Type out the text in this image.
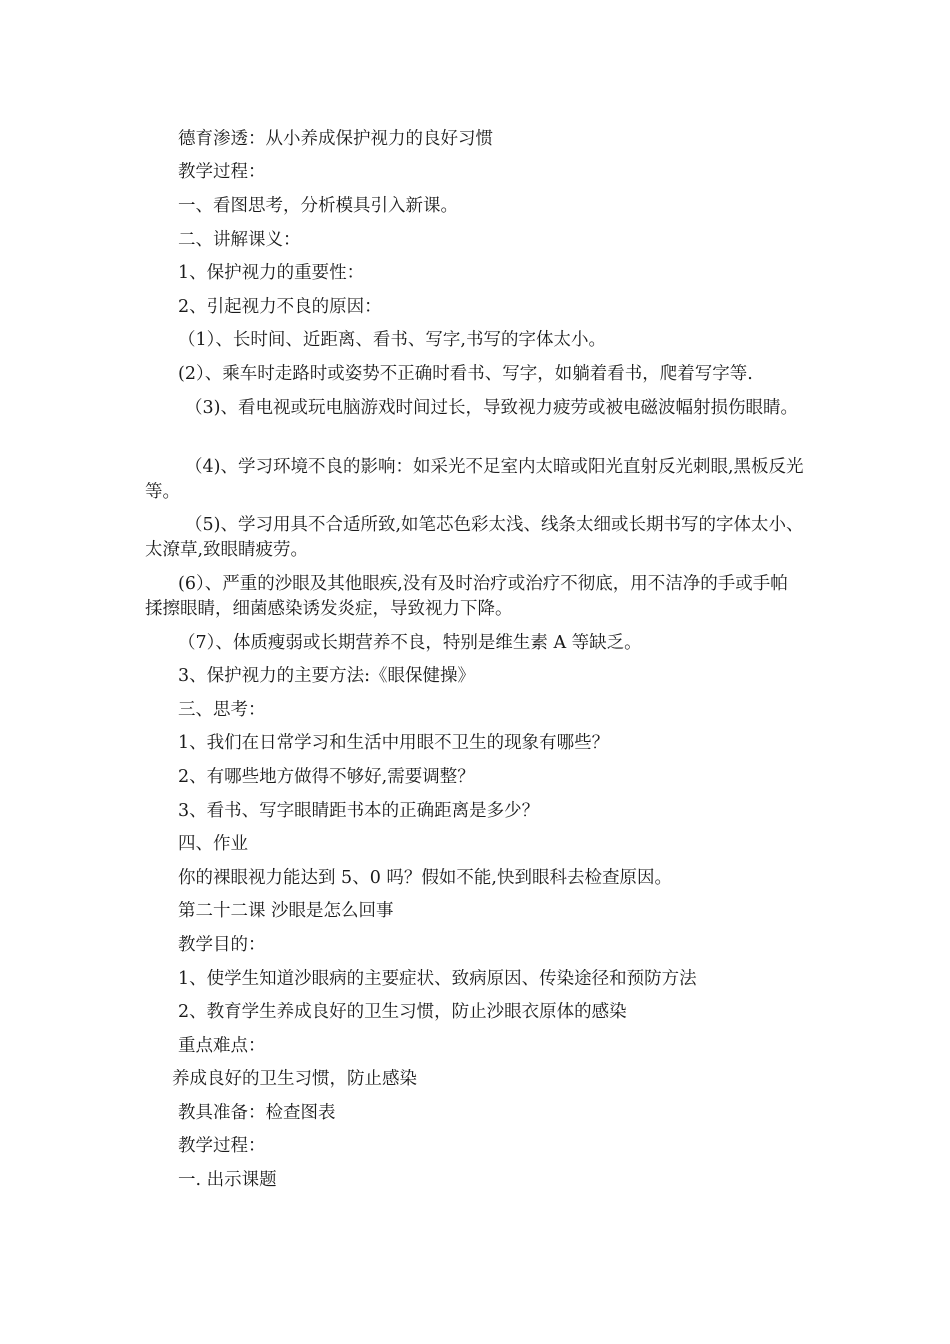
德育渗透：从小养成保护视力的良好习惯
教学过程：
一、看图思考，分析模具引入新课。
二、讲解课义：
1、保护视力的重要性：
2、引起视力不良的原因：
（1）、长时间、近距离、看书、写字,书写的字体太小。
(2）、乘车时走路时或姿势不正确时看书、写字，如躺着看书，爬着写字等.
（3)、看电视或玩电脑游戏时间过长，导致视力疲劳或被电磁波幅射损伤眼睛。
（4)、学习环境不良的影响：如采光不足室内太暗或阳光直射反光刺眼,黑板反光等。
（5)、学习用具不合适所致,如笔芯色彩太浅、线条太细或长期书写的字体太小、太潦草,致眼睛疲劳。
(6）、严重的沙眼及其他眼疾,没有及时治疗或治疗不彻底，用不洁净的手或手帕揉擦眼睛，细菌感染诱发炎症，导致视力下降。
（7）、体质瘦弱或长期营养不良，特别是维生素 A 等缺乏。
3、保护视力的主要方法:《眼保健操》
三、思考：
1、我们在日常学习和生活中用眼不卫生的现象有哪些？
2、有哪些地方做得不够好,需要调整？
3、看书、写字眼睛距书本的正确距离是多少？
四、作业
你的裸眼视力能达到 5、0 吗？假如不能,快到眼科去检查原因。
第二十二课 沙眼是怎么回事
教学目的：
1、使学生知道沙眼病的主要症状、致病原因、传染途径和预防方法
2、教育学生养成良好的卫生习惯，防止沙眼衣原体的感染
重点难点：
养成良好的卫生习惯，防止感染
教具准备：检查图表
教学过程：
一. 出示课题
